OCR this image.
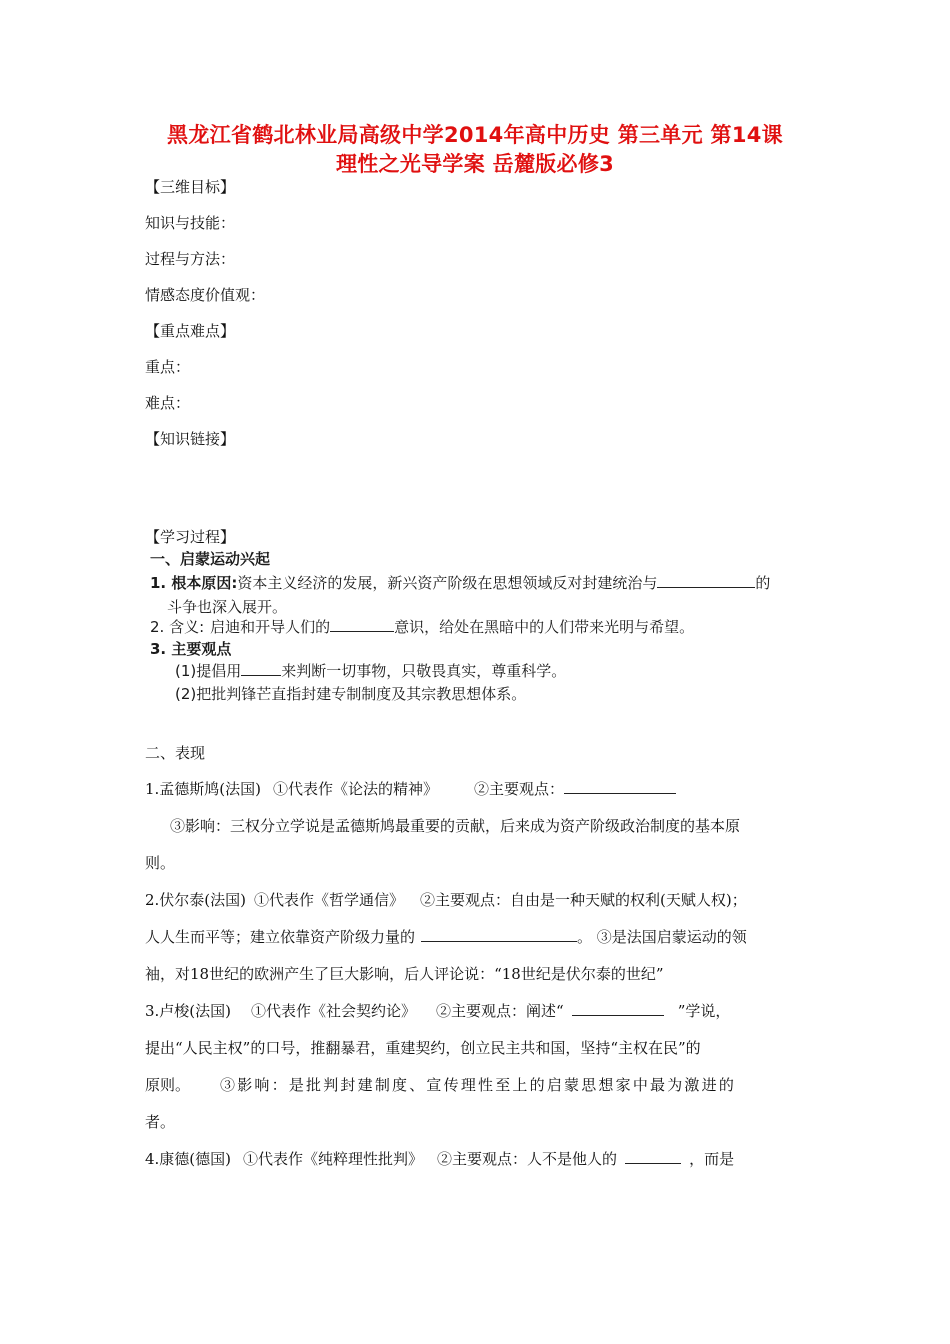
黑龙江省鹤北林业局高级中学2014年高中历史 第三单元 第14课
理性之光导学案 岳麓版必修3
【三维目标】
知识与技能：
过程与方法：
情感态度价值观：
【重点难点】
重点：
难点：
【知识链接】
【学习过程】
一、启蒙运动兴起
1. 根本原因:资本主义经济的发展，新兴资产阶级在思想领域反对封建统治与	的
斗争也深入展开。
2. 含义: 启迪和开导人们的	意识，给处在黑暗中的人们带来光明与希望。
3. 主要观点
(1)提倡用	来判断一切事物，只敬畏真实，尊重科学。
(2)把批判锋芒直指封建专制制度及其宗教思想体系。
二、表现
1.孟德斯鸠(法国) ①代表作《论法的精神》 ②主要观点：
③影响：三权分立学说是孟德斯鸠最重要的贡献，后来成为资产阶级政治制度的基本原
则。
2.伏尔泰(法国) ①代表作《哲学通信》 ②主要观点：自由是一种天赋的权利(天赋人权)；
人人生而平等；建立依靠资产阶级力量的	。 ③是法国启蒙运动的领
袖，对18世纪的欧洲产生了巨大影响，后人评论说：“18世纪是伏尔泰的世纪”
3.卢梭(法国) ①代表作《社会契约论》 ②主要观点：阐述“	”学说，
提出“人民主权”的口号，推翻暴君，重建契约，创立民主共和国，坚持“主权在民”的
原则。 ③影响：是批判封建制度、宣传理性至上的启蒙思想家中最为激进的
者。
4.康德(德国) ①代表作《纯粹理性批判》 ②主要观点：人不是他人的	，而是
